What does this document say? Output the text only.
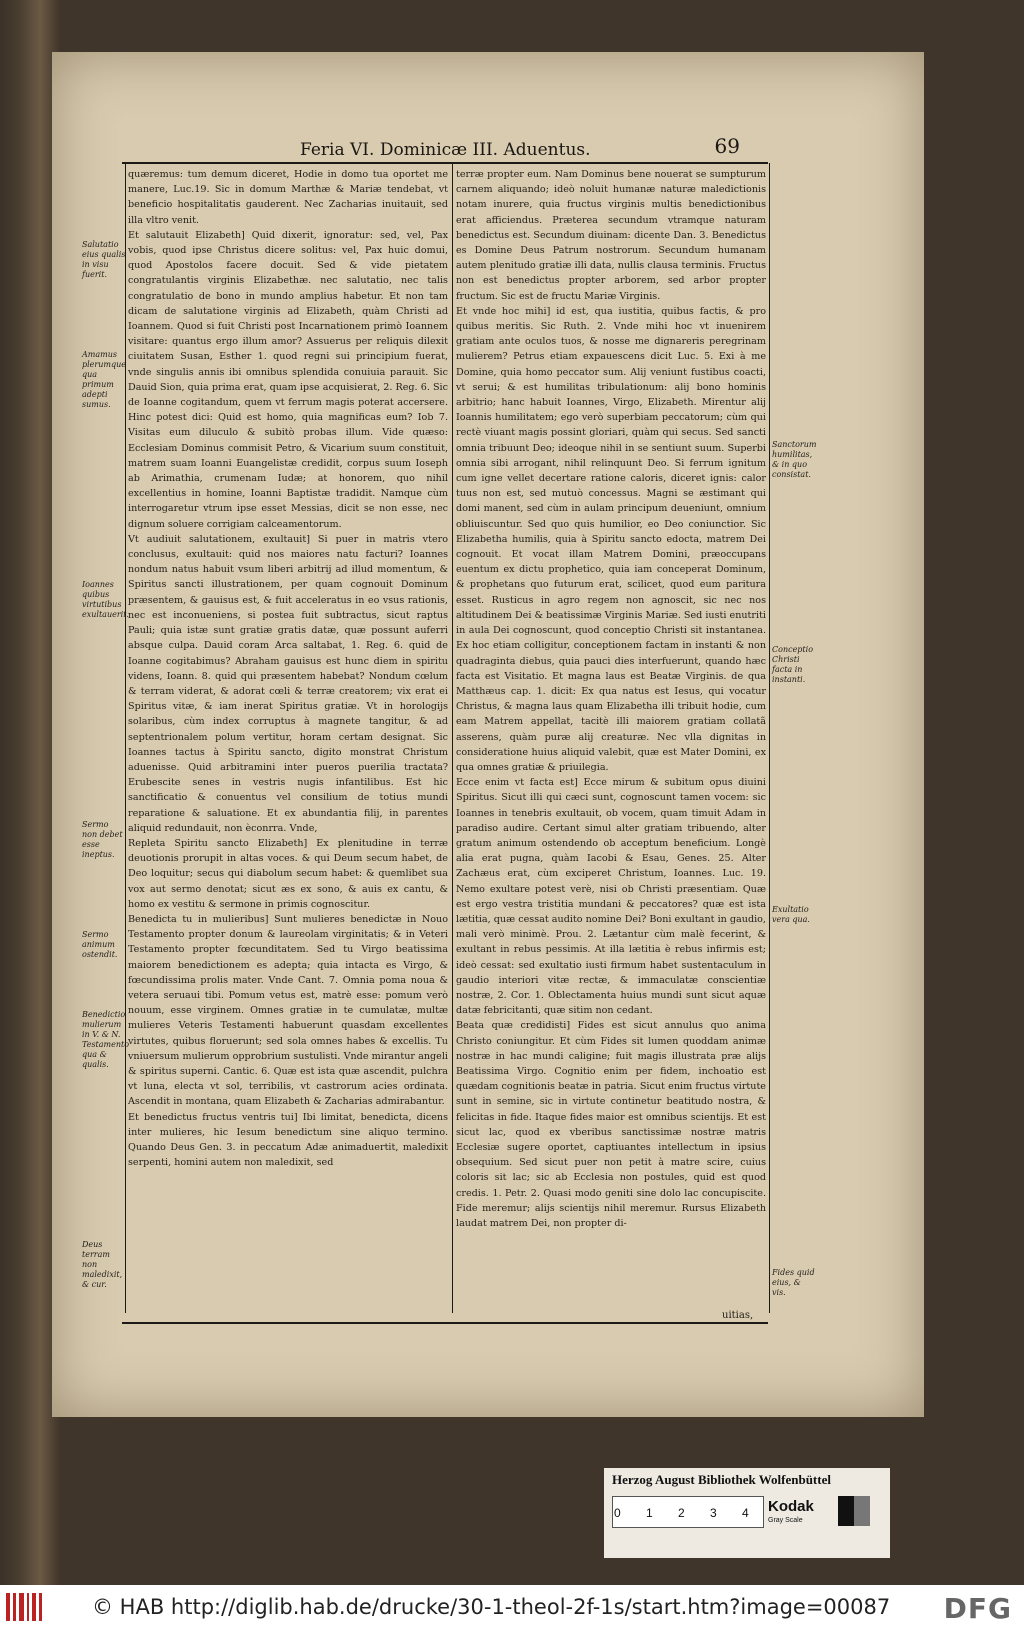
Feria VI. Dominicæ III. Aduentus.	69

quæremus: tum demum diceret, Hodie in domo tua oportet me manere, Luc.19. Sic in domum Marthæ & Mariæ tendebat, vt beneficio hospitalitatis gauderent. Nec Zacharias inuitauit, sed illa vltro venit.

Et salutauit Elizabeth] Quid dixerit, ignoratur: sed, vel, Pax vobis, quod ipse Christus dicere solitus: vel, Pax huic domui, quod Apostolos facere docuit. Sed & vide pietatem congratulantis virginis Elizabethæ. nec salutatio, nec talis congratulatio de bono in mundo amplius habetur. Et non tam dicam de salutatione virginis ad Elizabeth, quàm Christi ad Ioannem. Quod si fuit Christi post Incarnationem primò Ioannem visitare: quantus ergo illum amor? Assuerus per reliquis dilexit ciuitatem Susan, Esther 1. quod regni sui principium fuerat, vnde singulis annis ibi omnibus splendida conuiuia parauit. Sic Dauid Sion, quia prima erat, quam ipse acquisierat, 2. Reg. 6. Sic de Ioanne cogitandum, quem vt ferrum magis poterat accersere. Hinc potest dici: Quid est homo, quia magnificas eum? Iob 7. Visitas eum diluculo & subitò probas illum. Vide quæso: Ecclesiam Dominus commisit Petro, & Vicarium suum constituit, matrem suam Ioanni Euangelistæ credidit, corpus suum Ioseph ab Arimathia, crumenam Iudæ; at honorem, quo nihil excellentius in homine, Ioanni Baptistæ tradidit. Namque cùm interrogaretur vtrum ipse esset Messias, dicit se non esse, nec dignum soluere corrigiam calceamentorum.

Vt audiuit salutationem, exultauit] Si puer in matris vtero conclusus, exultauit: quid nos maiores natu facturi? Ioannes nondum natus habuit vsum liberi arbitrij ad illud momentum, & Spiritus sancti illustrationem, per quam cognouit Dominum præsentem, & gauisus est, & fuit acceleratus in eo vsus rationis, nec est inconueniens, si postea fuit subtractus, sicut raptus Pauli; quia istæ sunt gratiæ gratis datæ, quæ possunt auferri absque culpa. Dauid coram Arca saltabat, 1. Reg. 6. quid de Ioanne cogitabimus? Abraham gauisus est hunc diem in spiritu videns, Ioann. 8. quid qui præsentem habebat? Nondum cœlum & terram viderat, & adorat cœli & terræ creatorem; vix erat ei Spiritus vitæ, & iam inerat Spiritus gratiæ. Vt in horologijs solaribus, cùm index corruptus à magnete tangitur, & ad septentrionalem polum vertitur, horam certam designat. Sic Ioannes tactus à Spiritu sancto, digito monstrat Christum aduenisse. Quid arbitramini inter pueros puerilia tractata? Erubescite senes in vestris nugis infantilibus. Est hic sanctificatio & conuentus vel consilium de totius mundi reparatione & saluatione. Et ex abundantia filij, in parentes aliquid redundauit, non èconrra. Vnde,

Repleta Spiritu sancto Elizabeth] Ex plenitudine in terræ deuotionis prorupit in altas voces. & qui Deum secum habet, de Deo loquitur; secus qui diabolum secum habet: & quemlibet sua vox aut sermo denotat; sicut æs ex sono, & auis ex cantu, & homo ex vestitu & sermone in primis cognoscitur.

Benedicta tu in mulieribus] Sunt mulieres benedictæ in Nouo Testamento propter donum & laureolam virginitatis; & in Veteri Testamento propter fœcunditatem. Sed tu Virgo beatissima maiorem benedictionem es adepta; quia intacta es Virgo, & fœcundissima prolis mater. Vnde Cant. 7. Omnia poma noua & vetera seruaui tibi. Pomum vetus est, matrè esse: pomum verò nouum, esse virginem. Omnes gratiæ in te cumulatæ, multæ mulieres Veteris Testamenti habuerunt quasdam excellentes virtutes, quibus floruerunt; sed sola omnes habes & excellis. Tu vniuersum mulierum opprobrium sustulisti. Vnde mirantur angeli & spiritus superni. Cantic. 6. Quæ est ista quæ ascendit, pulchra vt luna, electa vt sol, terribilis, vt castrorum acies ordinata. Ascendit in montana, quam Elizabeth & Zacharias admirabantur.

Et benedictus fructus ventris tui] Ibi limitat, benedicta, dicens inter mulieres, hic Iesum benedictum sine aliquo termino. Quando Deus Gen. 3. in peccatum Adæ animaduertit, maledixit serpenti, homini autem non maledixit, sed

terræ propter eum. Nam Dominus bene nouerat se sumpturum carnem aliquando; ideò noluit humanæ naturæ maledictionis notam inurere, quia fructus virginis multis benedictionibus erat afficiendus. Præterea secundum vtramque naturam benedictus est. Secundum diuinam: dicente Dan. 3. Benedictus es Domine Deus Patrum nostrorum. Secundum humanam autem plenitudo gratiæ illi data, nullis clausa terminis. Fructus non est benedictus propter arborem, sed arbor propter fructum. Sic est de fructu Mariæ Virginis.

Et vnde hoc mihi] id est, qua iustitia, quibus factis, & pro quibus meritis. Sic Ruth. 2. Vnde mihi hoc vt inuenirem gratiam ante oculos tuos, & nosse me dignareris peregrinam mulierem? Petrus etiam expauescens dicit Luc. 5. Exi à me Domine, quia homo peccator sum. Alij veniunt fustibus coacti, vt serui; & est humilitas tribulationum: alij bono hominis arbitrio; hanc habuit Ioannes, Virgo, Elizabeth. Mirentur alij Ioannis humilitatem; ego verò superbiam peccatorum; cùm qui rectè viuant magis possint gloriari, quàm qui secus. Sed sancti omnia tribuunt Deo; ideoque nihil in se sentiunt suum. Superbi omnia sibi arrogant, nihil relinquunt Deo. Si ferrum ignitum cum igne vellet decertare ratione caloris, diceret ignis: calor tuus non est, sed mutuò concessus. Magni se æstimant qui domi manent, sed cùm in aulam principum deueniunt, omnium obliuiscuntur. Sed quo quis humilior, eo Deo coniunctior. Sic Elizabetha humilis, quia à Spiritu sancto edocta, matrem Dei cognouit. Et vocat illam Matrem Domini, præoccupans euentum ex dictu prophetico, quia iam conceperat Dominum, & prophetans quo futurum erat, scilicet, quod eum paritura esset. Rusticus in agro regem non agnoscit, sic nec nos altitudinem Dei & beatissimæ Virginis Mariæ. Sed iusti enutriti in aula Dei cognoscunt, quod conceptio Christi sit instantanea. Ex hoc etiam colligitur, conceptionem factam in instanti & non quadraginta diebus, quia pauci dies interfuerunt, quando hæc facta est Visitatio. Et magna laus est Beatæ Virginis. de qua Matthæus cap. 1. dicit: Ex qua natus est Iesus, qui vocatur Christus, & magna laus quam Elizabetha illi tribuit hodie, cum eam Matrem appellat, tacitè illi maiorem gratiam collatã asserens, quàm puræ alij creaturæ. Nec vlla dignitas in consideratione huius aliquid valebit, quæ est Mater Domini, ex qua omnes gratiæ & priuilegia.

Ecce enim vt facta est] Ecce mirum & subitum opus diuini Spiritus. Sicut illi qui cæci sunt, cognoscunt tamen vocem: sic Ioannes in tenebris exultauit, ob vocem, quam timuit Adam in paradiso audire. Certant simul alter gratiam tribuendo, alter gratum animum ostendendo ob acceptum beneficium. Longè alia erat pugna, quàm Iacobi & Esau, Genes. 25. Alter Zachæus erat, cùm exciperet Christum, Ioannes. Luc. 19. Nemo exultare potest verè, nisi ob Christi præsentiam. Quæ est ergo vestra tristitia mundani & peccatores? quæ est ista lætitia, quæ cessat audito nomine Dei? Boni exultant in gaudio, mali verò minimè. Prou. 2. Lætantur cùm malè fecerint, & exultant in rebus pessimis. At illa lætitia è rebus infirmis est; ideò cessat: sed exultatio iusti firmum habet sustentaculum in gaudio interiori vitæ rectæ, & immaculatæ conscientiæ nostræ, 2. Cor. 1. Oblectamenta huius mundi sunt sicut aquæ datæ febricitanti, quæ sitim non cedant.

Beata quæ credidisti] Fides est sicut annulus quo anima Christo coniungitur. Et cùm Fides sit lumen quoddam animæ nostræ in hac mundi caligine; fuit magis illustrata præ alijs Beatissima Virgo. Cognitio enim per fidem, inchoatio est quædam cognitionis beatæ in patria. Sicut enim fructus virtute sunt in semine, sic in virtute continetur beatitudo nostra, & felicitas in fide. Itaque fides maior est omnibus scientijs. Et est sicut lac, quod ex vberibus sanctissimæ nostræ matris Ecclesiæ sugere oportet, captiuantes intellectum in ipsius obsequium. Sed sicut puer non petit à matre scire, cuius coloris sit lac; sic ab Ecclesia non postules, quid est quod credis. 1. Petr. 2. Quasi modo geniti sine dolo lac concupiscite. Fide meremur; alijs scientijs nihil meremur. Rursus Elizabeth laudat matrem Dei, non propter di-

uitias,
Salutatio eius qualis in visu fuerit.
Amamus plerumque qua primum adepti sumus.
Ioannes quibus virtutibus exultauerit.
Sermo non debet esse ineptus.
Sermo animum ostendit.
Benedictio mulierum in V. & N. Testamento qua & qualis.
Deus terram non maledixit, & cur.
Sanctorum humilitas, & in quo consistat.
Conceptio Christi facta in instanti.
Exultatio vera qua.
Fides quid eius, & vis.
Herzog August Bibliothek Wolfenbüttel
0 1 2 3 4 Kodak
Gray Scale
© HAB http://diglib.hab.de/drucke/30-1-theol-2f-1s/start.htm?image=00087 DFG
